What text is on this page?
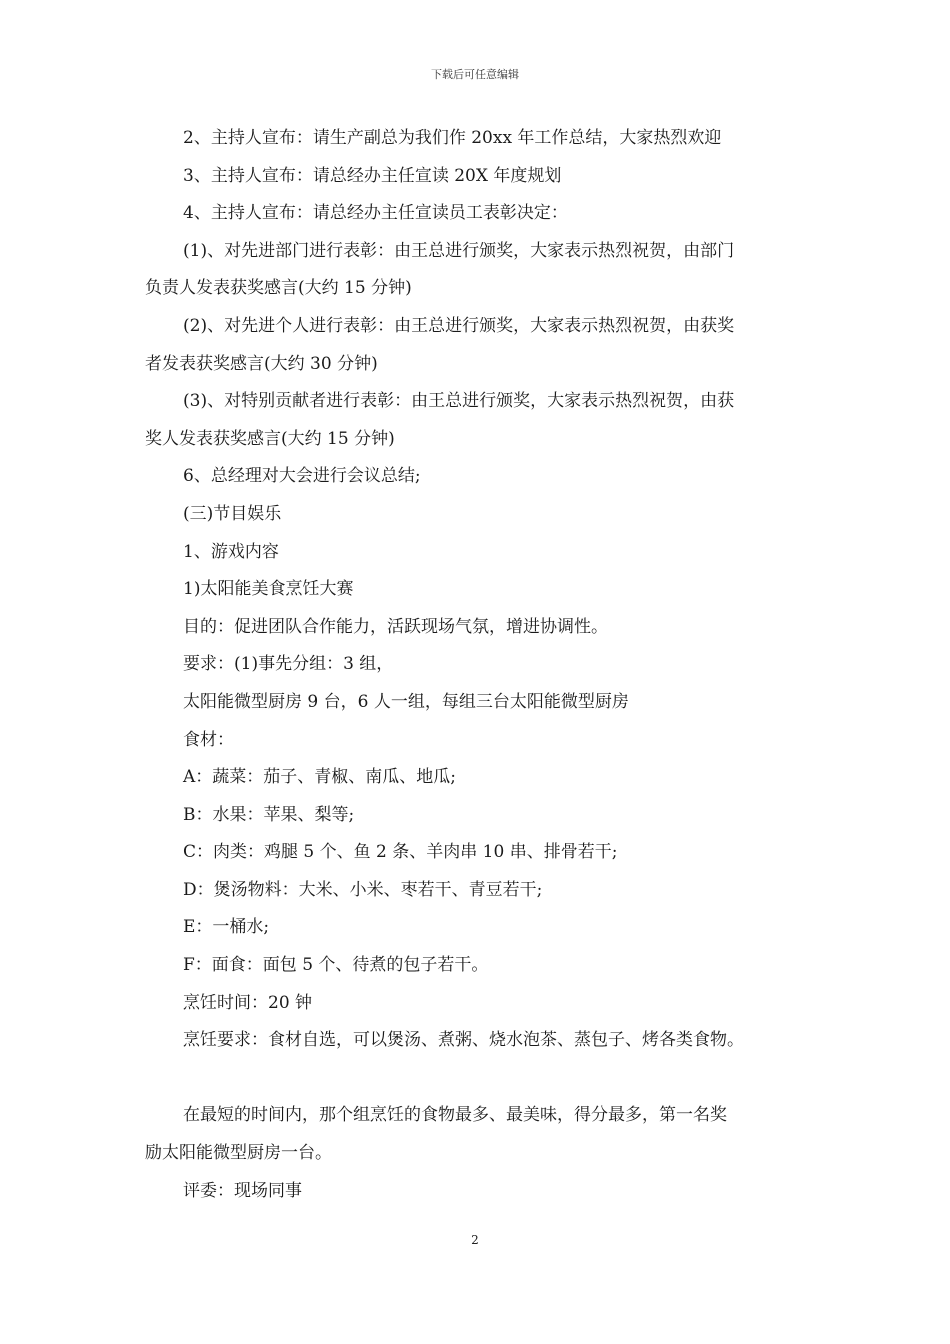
下载后可任意编辑
2、主持人宣布：请生产副总为我们作 20xx 年工作总结，大家热烈欢迎
3、主持人宣布：请总经办主任宣读 20X 年度规划
4、主持人宣布：请总经办主任宣读员工表彰决定：
(1)、对先进部门进行表彰：由王总进行颁奖，大家表示热烈祝贺，由部门
负责人发表获奖感言(大约 15 分钟)
(2)、对先进个人进行表彰：由王总进行颁奖，大家表示热烈祝贺，由获奖
者发表获奖感言(大约 30 分钟)
(3)、对特别贡献者进行表彰：由王总进行颁奖，大家表示热烈祝贺，由获
奖人发表获奖感言(大约 15 分钟)
6、总经理对大会进行会议总结;
(三)节目娱乐
1、游戏内容
1)太阳能美食烹饪大赛
目的：促进团队合作能力，活跃现场气氛，增进协调性。
要求：(1)事先分组：3 组，
太阳能微型厨房 9 台，6 人一组，每组三台太阳能微型厨房
食材：
A：蔬菜：茄子、青椒、南瓜、地瓜;
B：水果：苹果、梨等;
C：肉类：鸡腿 5 个、鱼 2 条、羊肉串 10 串、排骨若干;
D：煲汤物料：大米、小米、枣若干、青豆若干;
E：一桶水;
F：面食：面包 5 个、待煮的包子若干。
烹饪时间：20 钟
烹饪要求：食材自选，可以煲汤、煮粥、烧水泡茶、蒸包子、烤各类食物。
在最短的时间内，那个组烹饪的食物最多、最美味，得分最多，第一名奖
励太阳能微型厨房一台。
评委：现场同事
2
